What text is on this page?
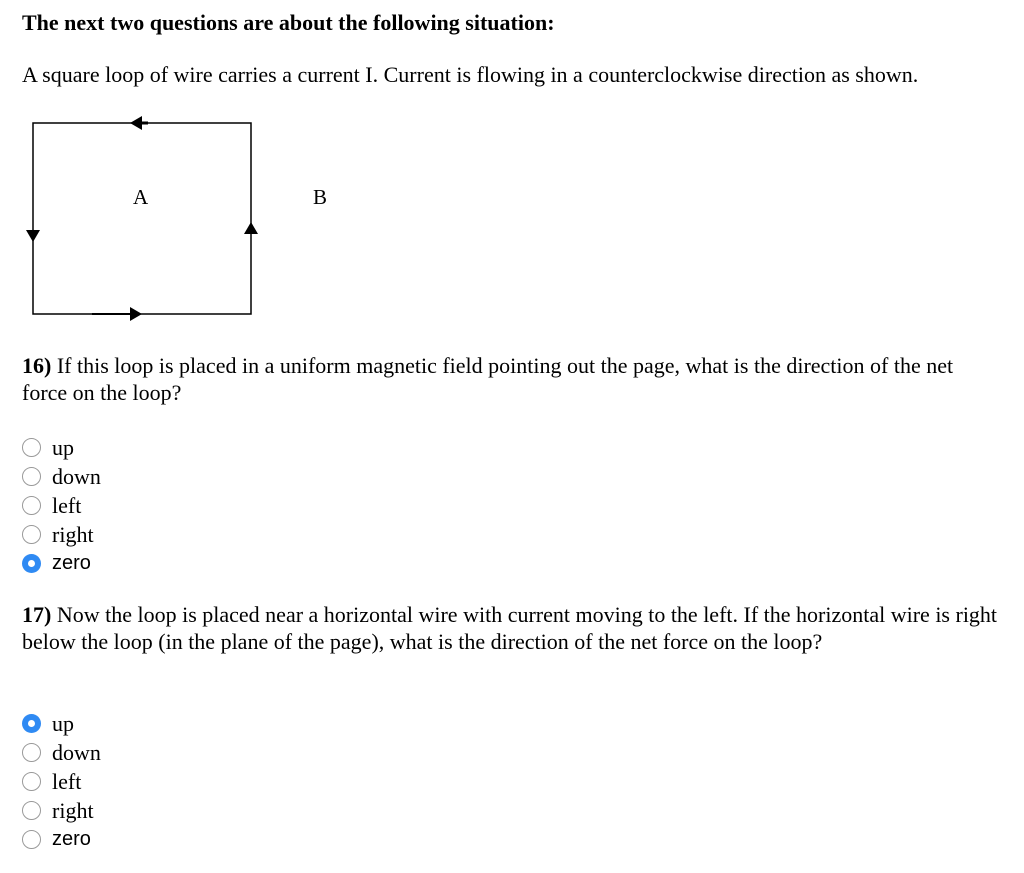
The next two questions are about the following situation:

A square loop of wire carries a current I. Current is flowing in a counterclockwise direction as shown.

A	B

16) If this loop is placed in a uniform magnetic field pointing out the page, what is the direction of the net force on the loop?

up
down
left
right
zero

17) Now the loop is placed near a horizontal wire with current moving to the left. If the horizontal wire is right below the loop (in the plane of the page), what is the direction of the net force on the loop?

up
down
left
right
zero
